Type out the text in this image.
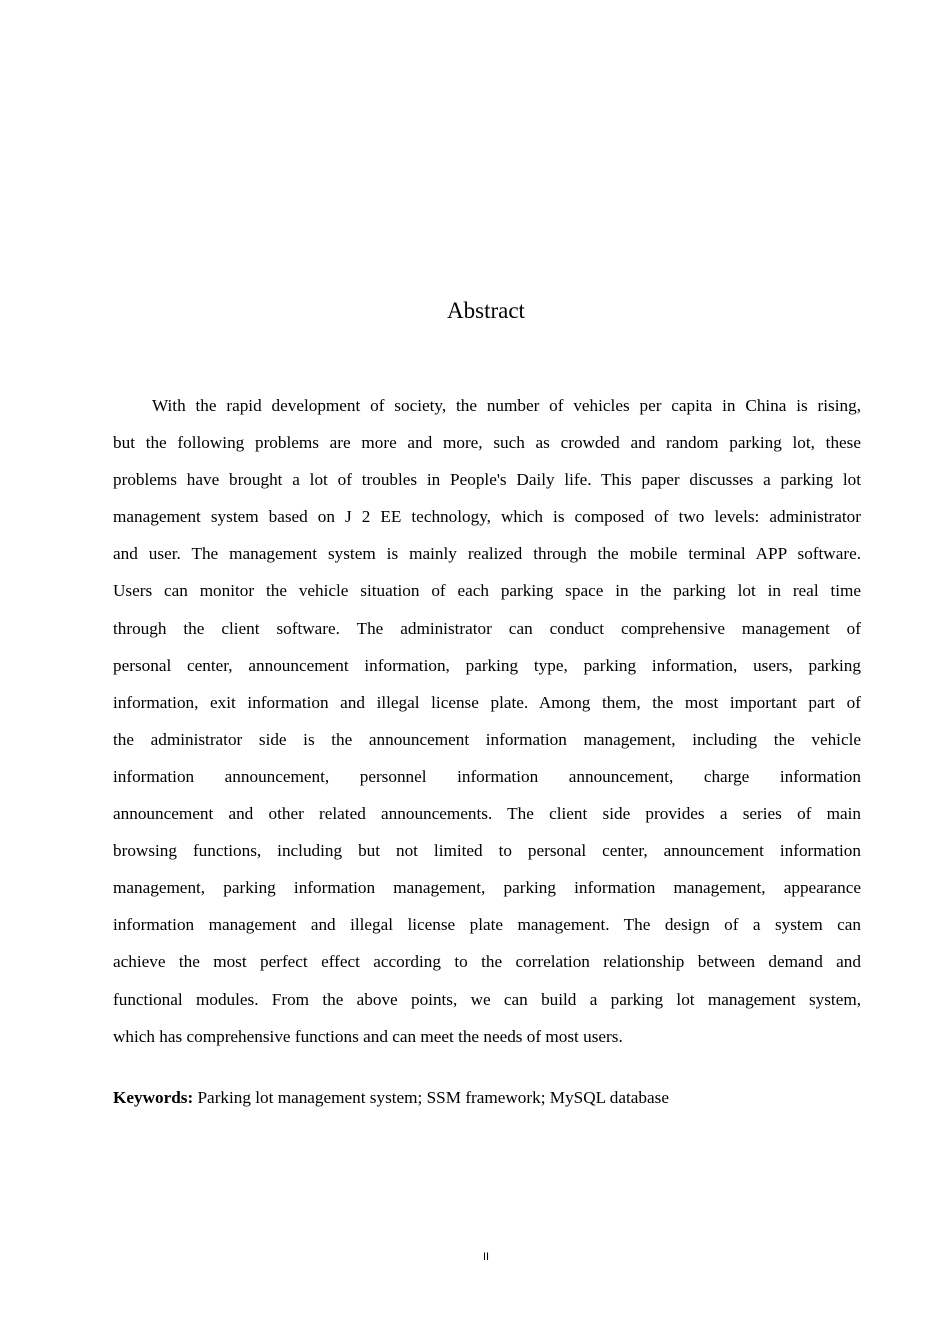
Abstract
With the rapid development of society, the number of vehicles per capita in China is rising,
but the following problems are more and more, such as crowded and random parking lot, these
problems have brought a lot of troubles in People's Daily life. This paper discusses a parking lot
management system based on J 2 EE technology, which is composed of two levels: administrator
and user. The management system is mainly realized through the mobile terminal APP software.
Users can monitor the vehicle situation of each parking space in the parking lot in real time
through the client software. The administrator can conduct comprehensive management of
personal center, announcement information, parking type, parking information, users, parking
information, exit information and illegal license plate. Among them, the most important part of
the administrator side is the announcement information management, including the vehicle
information announcement, personnel information announcement, charge information
announcement and other related announcements. The client side provides a series of main
browsing functions, including but not limited to personal center, announcement information
management, parking information management, parking information management, appearance
information management and illegal license plate management. The design of a system can
achieve the most perfect effect according to the correlation relationship between demand and
functional modules. From the above points, we can build a parking lot management system,
which has comprehensive functions and can meet the needs of most users.
Keywords: Parking lot management system; SSM framework; MySQL database
II
